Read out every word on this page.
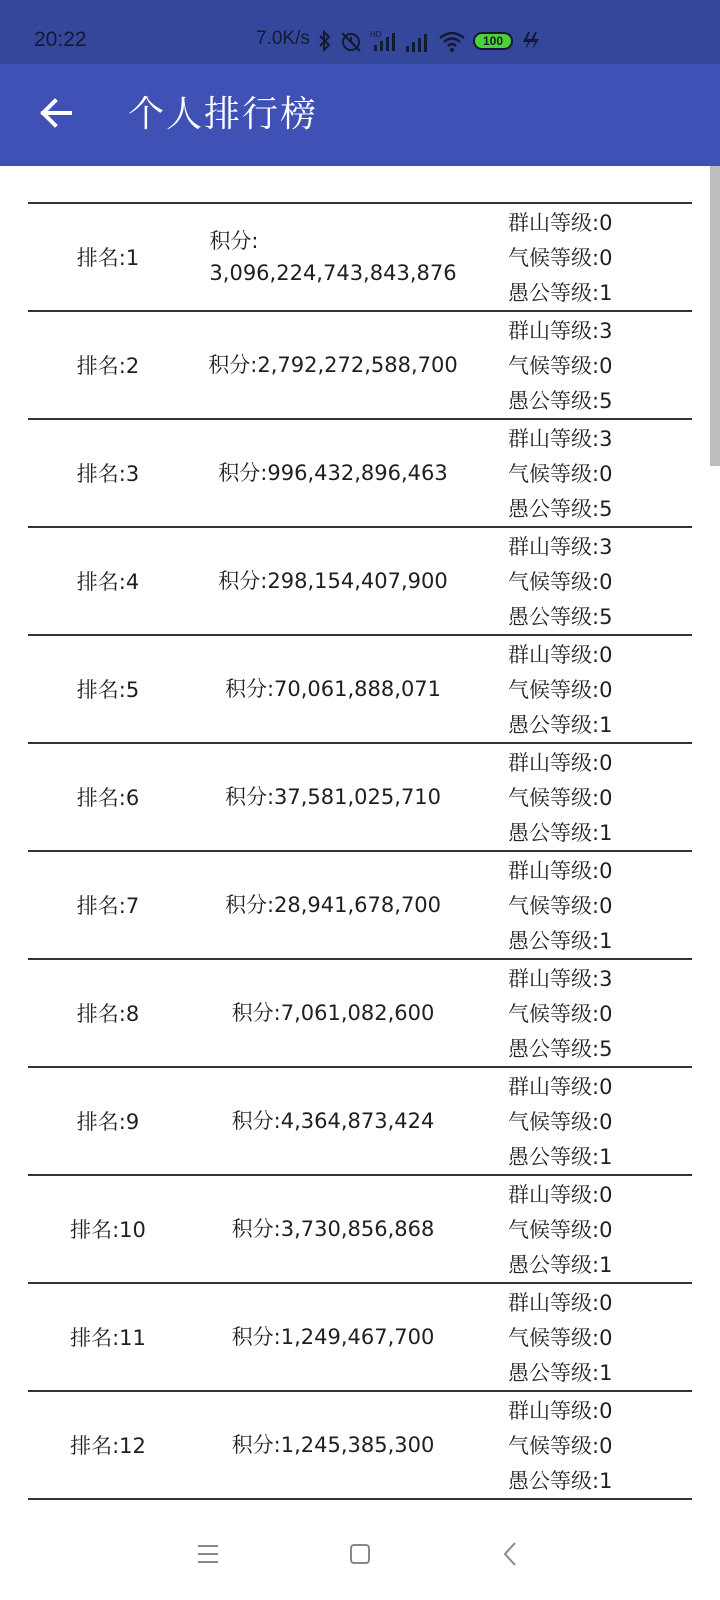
20:22	7.0K/s	HD	100
个人排行榜
排名:1
积分:
3,096,224,743,843,876
群山等级:0
气候等级:0
愚公等级:1
排名:2	积分:2,792,272,588,700
群山等级:3
气候等级:0
愚公等级:5
排名:3	积分:996,432,896,463
群山等级:3
气候等级:0
愚公等级:5
排名:4	积分:298,154,407,900
群山等级:3
气候等级:0
愚公等级:5
排名:5	积分:70,061,888,071
群山等级:0
气候等级:0
愚公等级:1
排名:6	积分:37,581,025,710
群山等级:0
气候等级:0
愚公等级:1
排名:7	积分:28,941,678,700
群山等级:0
气候等级:0
愚公等级:1
排名:8	积分:7,061,082,600
群山等级:3
气候等级:0
愚公等级:5
排名:9	积分:4,364,873,424
群山等级:0
气候等级:0
愚公等级:1
排名:10	积分:3,730,856,868
群山等级:0
气候等级:0
愚公等级:1
排名:11	积分:1,249,467,700
群山等级:0
气候等级:0
愚公等级:1
排名:12	积分:1,245,385,300
群山等级:0
气候等级:0
愚公等级:1
